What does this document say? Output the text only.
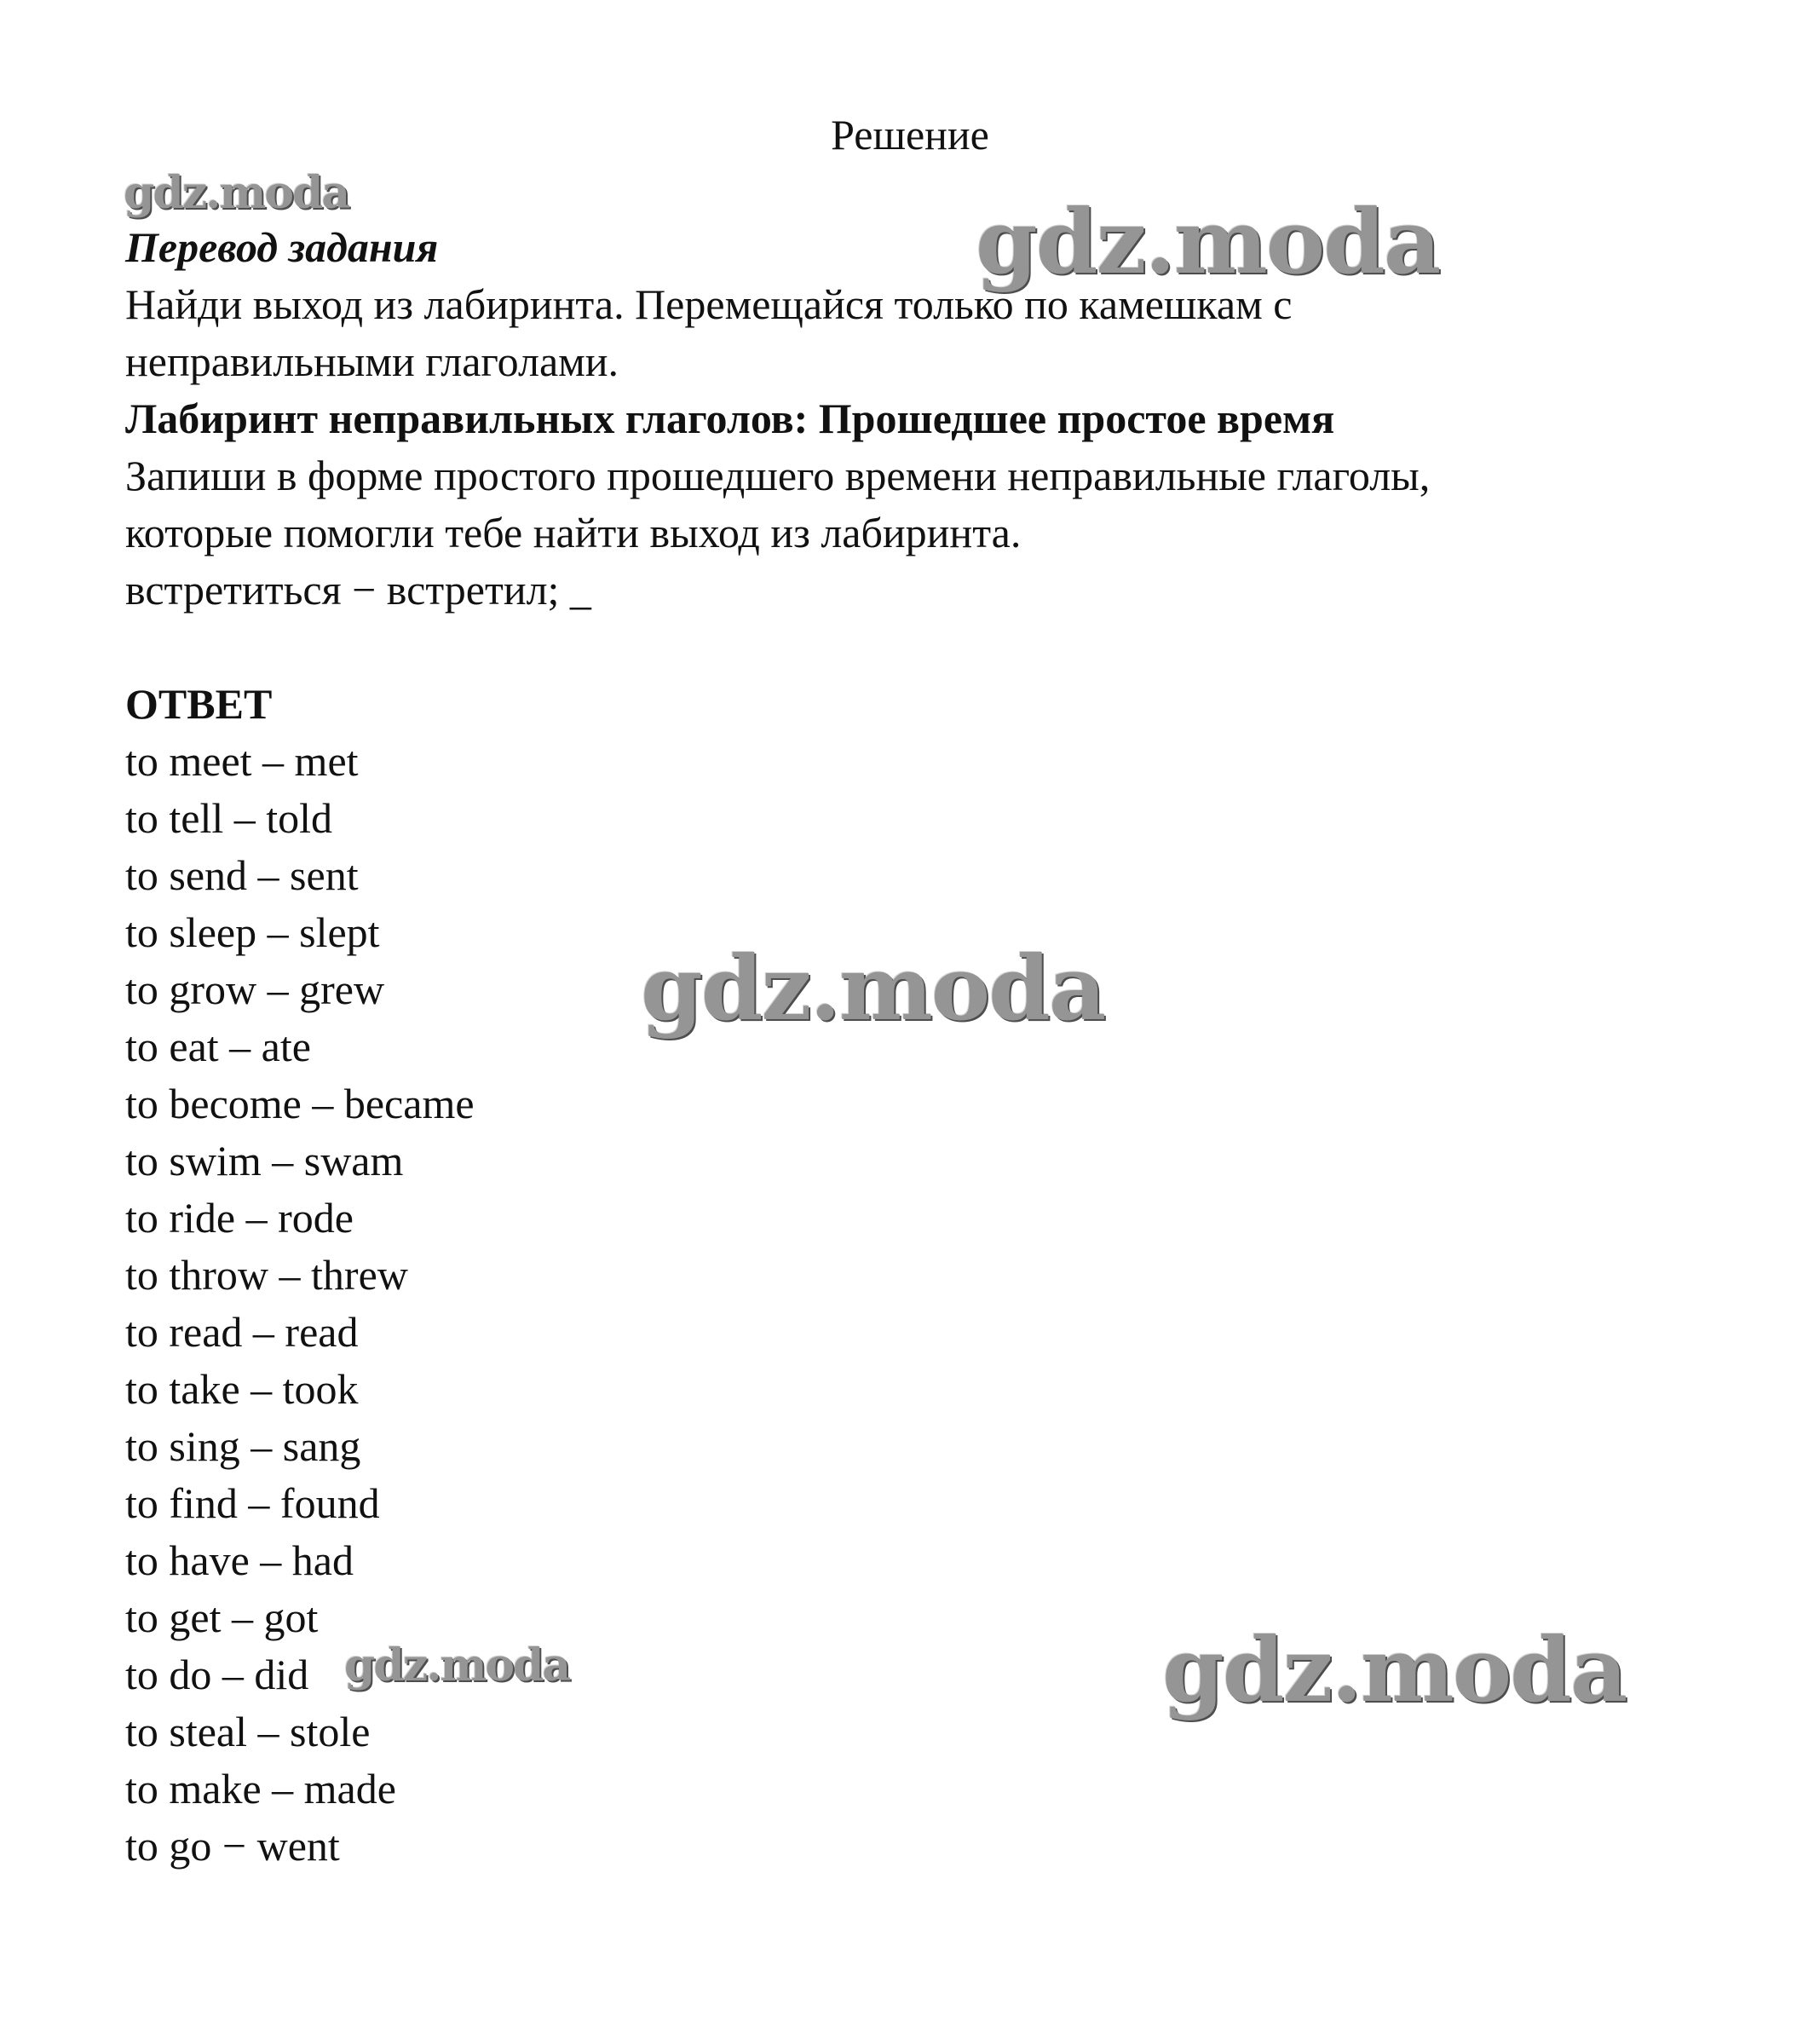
Решение

Перевод задания

Найди выход из лабиринта. Перемещайся только по камешкам с

неправильными глаголами.

Лабиринт неправильных глаголов: Прошедшее простое время

Запиши в форме простого прошедшего времени неправильные глаголы,

которые помогли тебе найти выход из лабиринта.

встретиться − встретил; _

ОТВЕТ

to meet – met
to tell – told
to send – sent
to sleep – slept
to grow – grew
to eat – ate
to become – became
to swim – swam
to ride – rode
to throw – threw
to read – read
to take – took
to sing – sang
to find – found
to have – had
to get – got
to do – did
to steal – stole
to make – made
to go − went
gdz.moda	gdz.moda
gdz.moda
gdz.moda	gdz.moda
